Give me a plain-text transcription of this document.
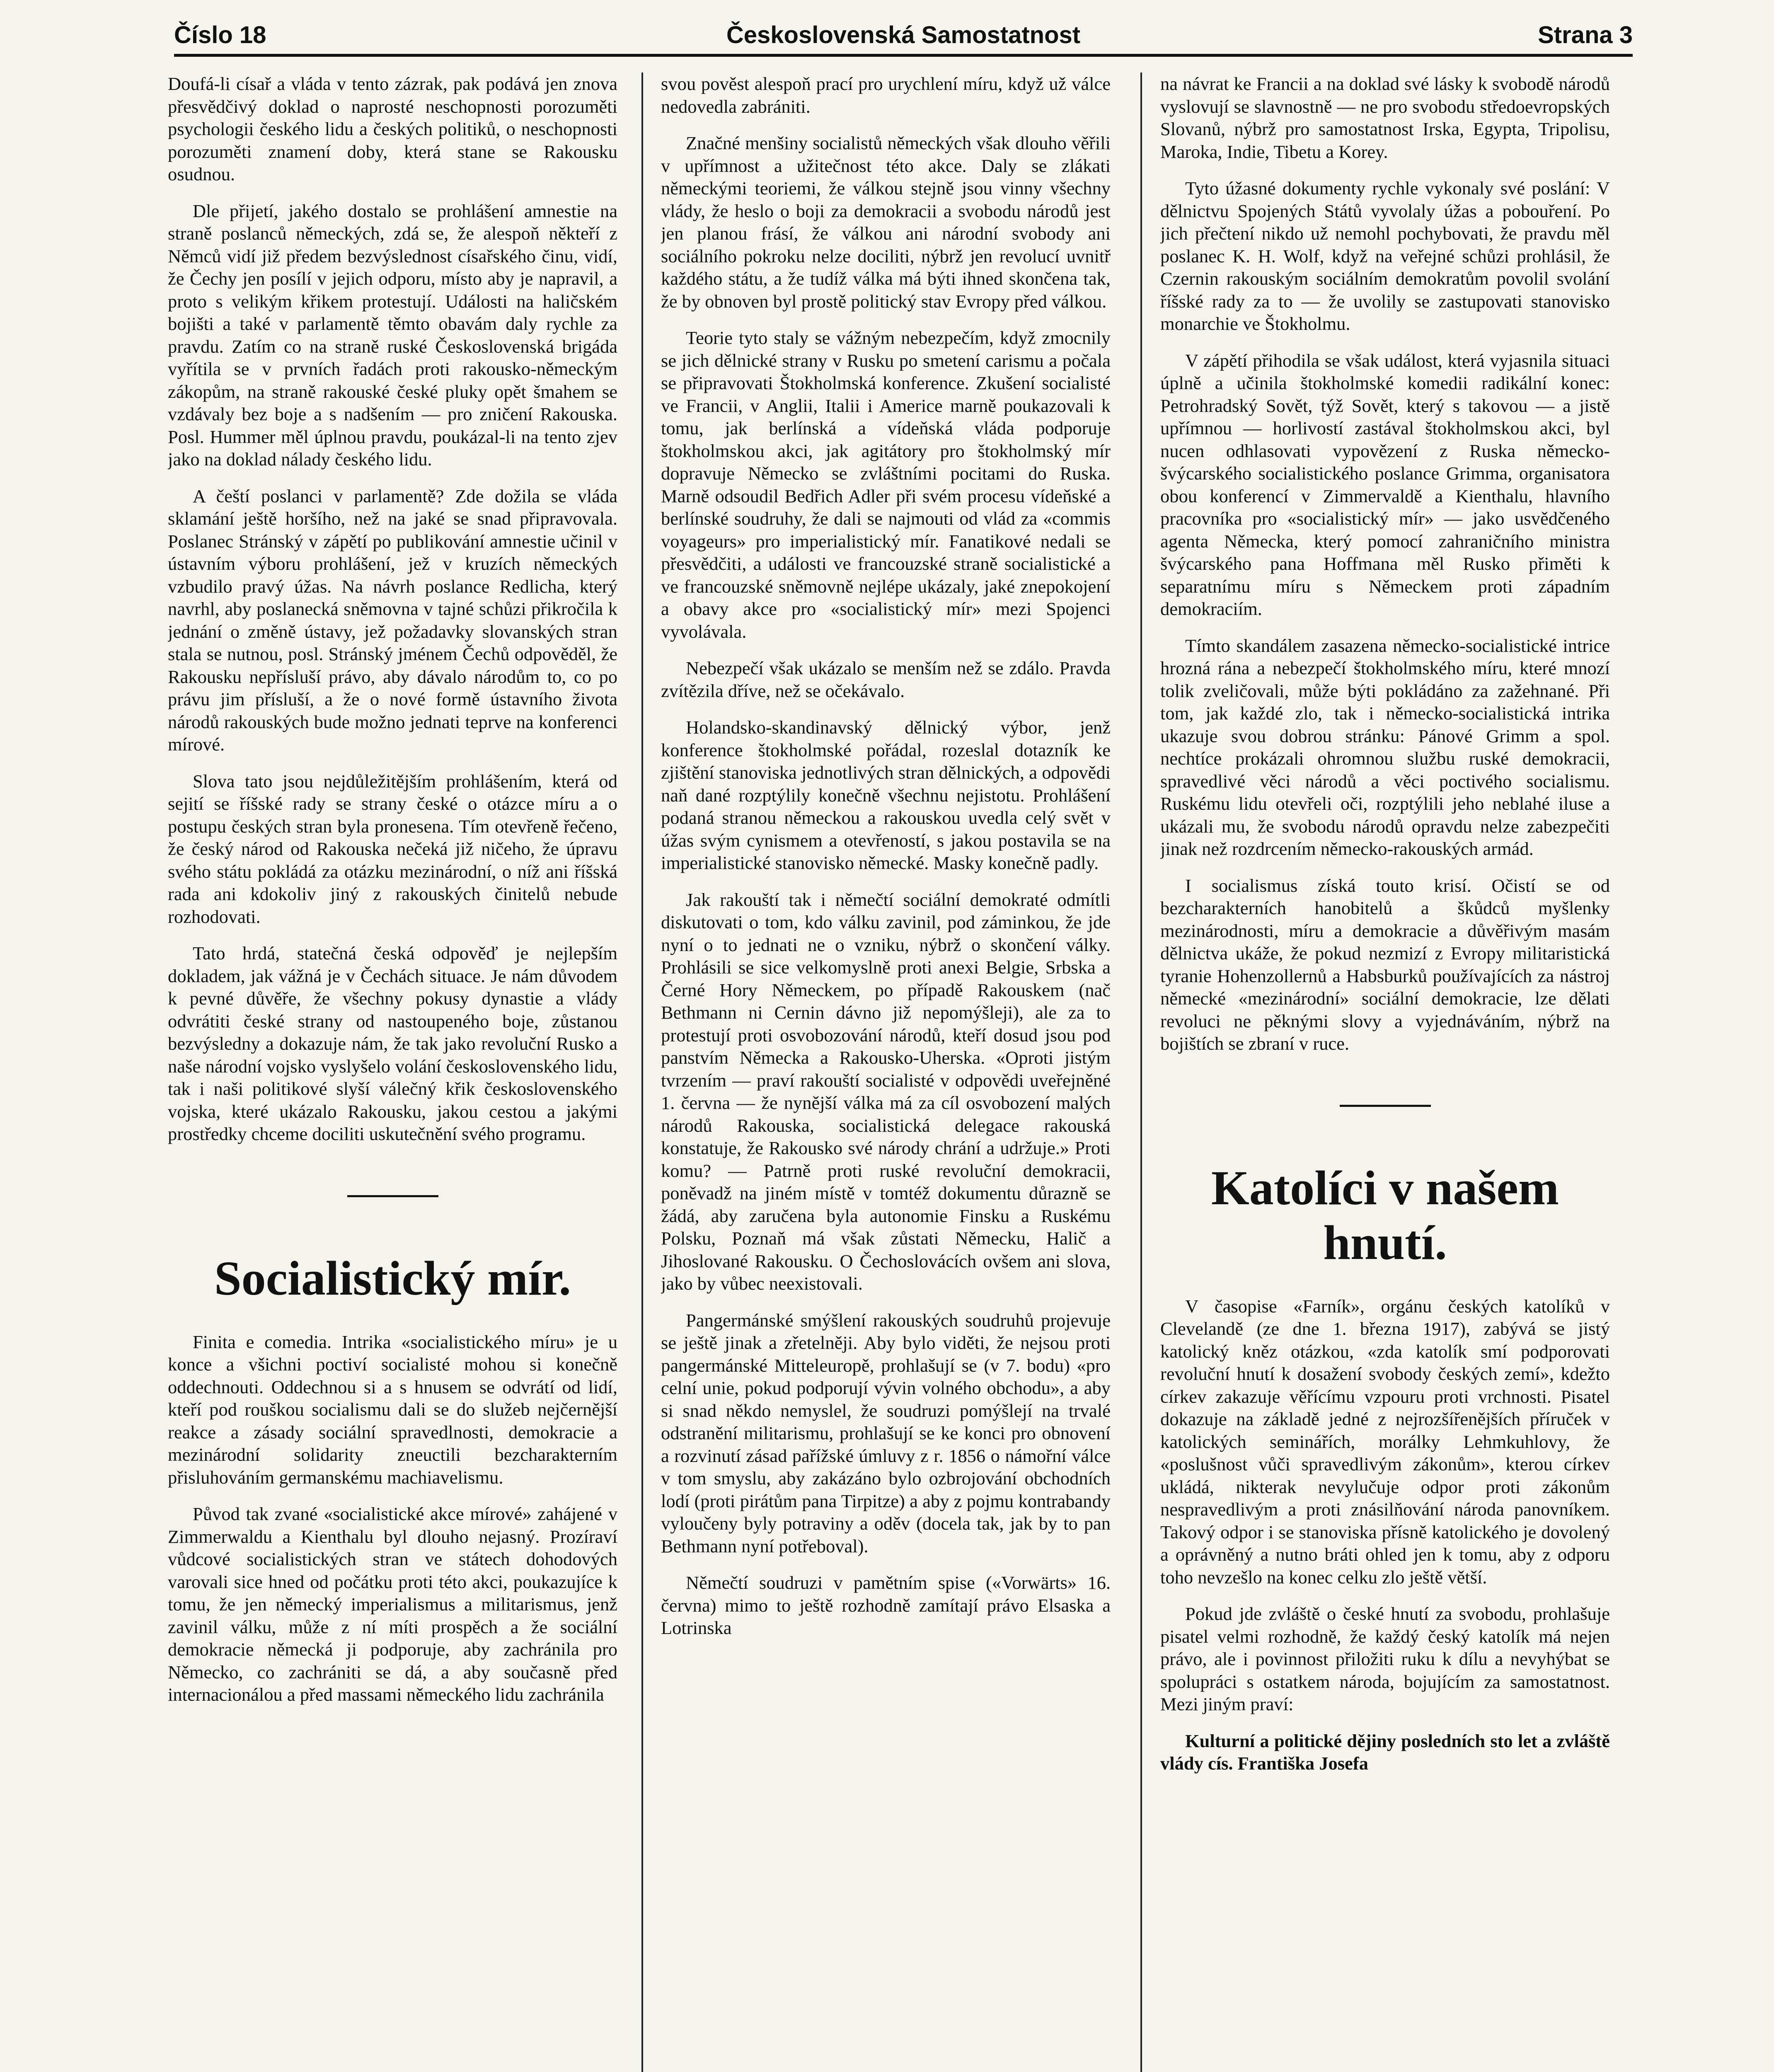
Číslo 18	Československá Samostatnost	Strana 3

Doufá-li císař a vláda v tento zázrak, pak podává jen znova přesvědčivý doklad o naprosté neschopnosti porozuměti psychologii českého lidu a českých politiků, o neschopnosti porozuměti znamení doby, která stane se Rakousku osudnou.

Dle přijetí, jakého dostalo se prohlášení amnestie na straně poslanců německých, zdá se, že alespoň někteří z Němců vidí již předem bezvýslednost císařského činu, vidí, že Čechy jen posílí v jejich odporu, místo aby je napravil, a proto s velikým křikem protestují. Události na haličském bojišti a také v parlamentě těmto obavám daly rychle za pravdu. Zatím co na straně ruské Československá brigáda vyřítila se v prvních řadách proti rakousko-německým zákopům, na straně rakouské české pluky opět šmahem se vzdávaly bez boje a s nadšením — pro zničení Rakouska. Posl. Hummer měl úplnou pravdu, poukázal-li na tento zjev jako na doklad nálady českého lidu.

A čeští poslanci v parlamentě? Zde dožila se vláda sklamání ještě horšího, než na jaké se snad připravovala. Poslanec Stránský v zápětí po publikování amnestie učinil v ústavním výboru prohlášení, jež v kruzích německých vzbudilo pravý úžas. Na návrh poslance Redlicha, který navrhl, aby poslanecká sněmovna v tajné schůzi přikročila k jednání o změně ústavy, jež požadavky slovanských stran stala se nutnou, posl. Stránský jménem Čechů odpověděl, že Rakousku nepřísluší právo, aby dávalo národům to, co po právu jim přísluší, a že o nové formě ústavního života národů rakouských bude možno jednati teprve na konferenci mírové.

Slova tato jsou nejdůležitějším prohlášením, která od sejití se říšské rady se strany české o otázce míru a o postupu českých stran byla pronesena. Tím otevřeně řečeno, že český národ od Rakouska nečeká již ničeho, že úpravu svého státu pokládá za otázku mezinárodní, o níž ani říšská rada ani kdokoliv jiný z rakouských činitelů nebude rozhodovati.

Tato hrdá, statečná česká odpověď je nejlepším dokladem, jak vážná je v Čechách situace. Je nám důvodem k pevné důvěře, že všechny pokusy dynastie a vlády odvrátiti české strany od nastoupeného boje, zůstanou bezvýsledny a dokazuje nám, že tak jako revoluční Rusko a naše národní vojsko vyslyšelo volání československého lidu, tak i naši politikové slyší válečný křik československého vojska, které ukázalo Rakousku, jakou cestou a jakými prostředky chceme dociliti uskutečnění svého programu.

Socialistický mír.

Finita e comedia. Intrika «socialistického míru» je u konce a všichni poctiví socialisté mohou si konečně oddechnouti. Oddechnou si a s hnusem se odvrátí od lidí, kteří pod rouškou socialismu dali se do služeb nejčernější reakce a zásady sociální spravedlnosti, demokracie a mezinárodní solidarity zneuctili bezcharakterním přisluhováním germanskému machiavelismu.

Původ tak zvané «socialistické akce mírové» zahájené v Zimmerwaldu a Kienthalu byl dlouho nejasný. Prozíraví vůdcové socialistických stran ve státech dohodových varovali sice hned od počátku proti této akci, poukazujíce k tomu, že jen německý imperialismus a militarismus, jenž zavinil válku, může z ní míti prospěch a že sociální demokracie německá ji podporuje, aby zachránila pro Německo, co zachrániti se dá, a aby současně před internacionálou a před massami německého lidu zachránila

svou pověst alespoň prací pro urychlení míru, když už válce nedovedla zabrániti.

Značné menšiny socialistů německých však dlouho věřili v upřímnost a užitečnost této akce. Daly se zlákati německými teoriemi, že válkou stejně jsou vinny všechny vlády, že heslo o boji za demokracii a svobodu národů jest jen planou frásí, že válkou ani národní svobody ani sociálního pokroku nelze dociliti, nýbrž jen revolucí uvnitř každého státu, a že tudíž válka má býti ihned skončena tak, že by obnoven byl prostě politický stav Evropy před válkou.

Teorie tyto staly se vážným nebezpečím, když zmocnily se jich dělnické strany v Rusku po smetení carismu a počala se připravovati Štokholmská konference. Zkušení socialisté ve Francii, v Anglii, Italii i Americe marně poukazovali k tomu, jak berlínská a vídeňská vláda podporuje štokholmskou akci, jak agitátory pro štokholmský mír dopravuje Německo se zvláštními pocitami do Ruska. Marně odsoudil Bedřich Adler při svém procesu vídeňské a berlínské soudruhy, že dali se najmouti od vlád za «commis voyageurs» pro imperialistický mír. Fanatikové nedali se přesvědčiti, a události ve francouzské straně socialistické a ve francouzské sněmovně nejlépe ukázaly, jaké znepokojení a obavy akce pro «socialistický mír» mezi Spojenci vyvolávala.

Nebezpečí však ukázalo se menším než se zdálo. Pravda zvítězila dříve, než se očekávalo.

Holandsko-skandinavský dělnický výbor, jenž konference štokholmské pořádal, rozeslal dotazník ke zjištění stanoviska jednotlivých stran dělnických, a odpovědi naň dané rozptýlily konečně všechnu nejistotu. Prohlášení podaná stranou německou a rakouskou uvedla celý svět v úžas svým cynismem a otevřeností, s jakou postavila se na imperialistické stanovisko německé. Masky konečně padly.

Jak rakouští tak i němečtí sociální demokraté odmítli diskutovati o tom, kdo válku zavinil, pod záminkou, že jde nyní o to jednati ne o vzniku, nýbrž o skončení války. Prohlásili se sice velkomyslně proti anexi Belgie, Srbska a Černé Hory Německem, po případě Rakouskem (nač Bethmann ni Cernin dávno již nepomýšleji), ale za to protestují proti osvobozování národů, kteří dosud jsou pod panstvím Německa a Rakousko-Uherska. «Oproti jistým tvrzením — praví rakouští socialisté v odpovědi uveřejněné 1. června — že nynější válka má za cíl osvobození malých národů Rakouska, socialistická delegace rakouská konstatuje, že Rakousko své národy chrání a udržuje.» Proti komu? — Patrně proti ruské revoluční demokracii, poněvadž na jiném místě v tomtéž dokumentu důrazně se žádá, aby zaručena byla autonomie Finsku a Ruskému Polsku, Poznaň má však zůstati Německu, Halič a Jihoslované Rakousku. O Čechoslovácích ovšem ani slova, jako by vůbec neexistovali.

Pangermánské smýšlení rakouských soudruhů projevuje se ještě jinak a zřetelněji. Aby bylo viděti, že nejsou proti pangermánské Mitteleuropě, prohlašují se (v 7. bodu) «pro celní unie, pokud podporují vývin volného obchodu», a aby si snad někdo nemyslel, že soudruzi pomýšlejí na trvalé odstranění militarismu, prohlašují se ke konci pro obnovení a rozvinutí zásad pařížské úmluvy z r. 1856 o námořní válce v tom smyslu, aby zakázáno bylo ozbrojování obchodních lodí (proti pirátům pana Tirpitze) a aby z pojmu kontrabandy vyloučeny byly potraviny a oděv (docela tak, jak by to pan Bethmann nyní potřeboval).

Němečtí soudruzi v pamětním spise («Vorwärts» 16. června) mimo to ještě rozhodně zamítají právo Elsaska a Lotrinska

na návrat ke Francii a na doklad své lásky k svobodě národů vyslovují se slavnostně — ne pro svobodu středoevropských Slovanů, nýbrž pro samostatnost Irska, Egypta, Tripolisu, Maroka, Indie, Tibetu a Korey.

Tyto úžasné dokumenty rychle vykonaly své poslání: V dělnictvu Spojených Států vyvolaly úžas a pobouření. Po jich přečtení nikdo už nemohl pochybovati, že pravdu měl poslanec K. H. Wolf, když na veřejné schůzi prohlásil, že Czernin rakouským sociálním demokratům povolil svolání říšské rady za to — že uvolily se zastupovati stanovisko monarchie ve Štokholmu.

V zápětí přihodila se však událost, která vyjasnila situaci úplně a učinila štokholmské komedii radikální konec: Petrohradský Sovět, týž Sovět, který s takovou — a jistě upřímnou — horlivostí zastával štokholmskou akci, byl nucen odhlasovati vypovězení z Ruska německo-švýcarského socialistického poslance Grimma, organisatora obou konferencí v Zimmervaldě a Kienthalu, hlavního pracovníka pro «socialistický mír» — jako usvědčeného agenta Německa, který pomocí zahraničního ministra švýcarského pana Hoffmana měl Rusko přiměti k separatnímu míru s Německem proti západním demokraciím.

Tímto skandálem zasazena německo-socialistické intrice hrozná rána a nebezpečí štokholmského míru, které mnozí tolik zveličovali, může býti pokládáno za zažehnané. Při tom, jak každé zlo, tak i německo-socialistická intrika ukazuje svou dobrou stránku: Pánové Grimm a spol. nechtíce prokázali ohromnou službu ruské demokracii, spravedlivé věci národů a věci poctivého socialismu. Ruskému lidu otevřeli oči, rozptýlili jeho neblahé iluse a ukázali mu, že svobodu národů opravdu nelze zabezpečiti jinak než rozdrcením německo-rakouských armád.

I socialismus získá touto krisí. Očistí se od bezcharakterních hanobitelů a škůdců myšlenky mezinárodnosti, míru a demokracie a důvěřivým masám dělnictva ukáže, že pokud nezmizí z Evropy militaristická tyranie Hohenzollernů a Habsburků používajících za nástroj německé «mezinárodní» sociální demokracie, lze dělati revoluci ne pěknými slovy a vyjednáváním, nýbrž na bojištích se zbraní v ruce.

Katolíci v našem
hnutí.

V časopise «Farník», orgánu českých katolíků v Clevelandě (ze dne 1. března 1917), zabývá se jistý katolický kněz otázkou, «zda katolík smí podporovati revoluční hnutí k dosažení svobody českých zemí», kdežto církev zakazuje věřícímu vzpouru proti vrchnosti. Pisatel dokazuje na základě jedné z nejrozšířenějších příruček v katolických seminářích, morálky Lehmkuhlovy, že «poslušnost vůči spravedlivým zákonům», kterou církev ukládá, nikterak nevylučuje odpor proti zákonům nespravedlivým a proti znásilňování národa panovníkem. Takový odpor i se stanoviska přísně katolického je dovolený a oprávněný a nutno bráti ohled jen k tomu, aby z odporu toho nevzešlo na konec celku zlo ještě větší.

Pokud jde zvláště o české hnutí za svobodu, prohlašuje pisatel velmi rozhodně, že každý český katolík má nejen právo, ale i povinnost přiložiti ruku k dílu a nevyhýbat se spolupráci s ostatkem národa, bojujícím za samostatnost. Mezi jiným praví:

Kulturní a politické dějiny posledních sto let a zvláště vlády cís. Františka Josefa
